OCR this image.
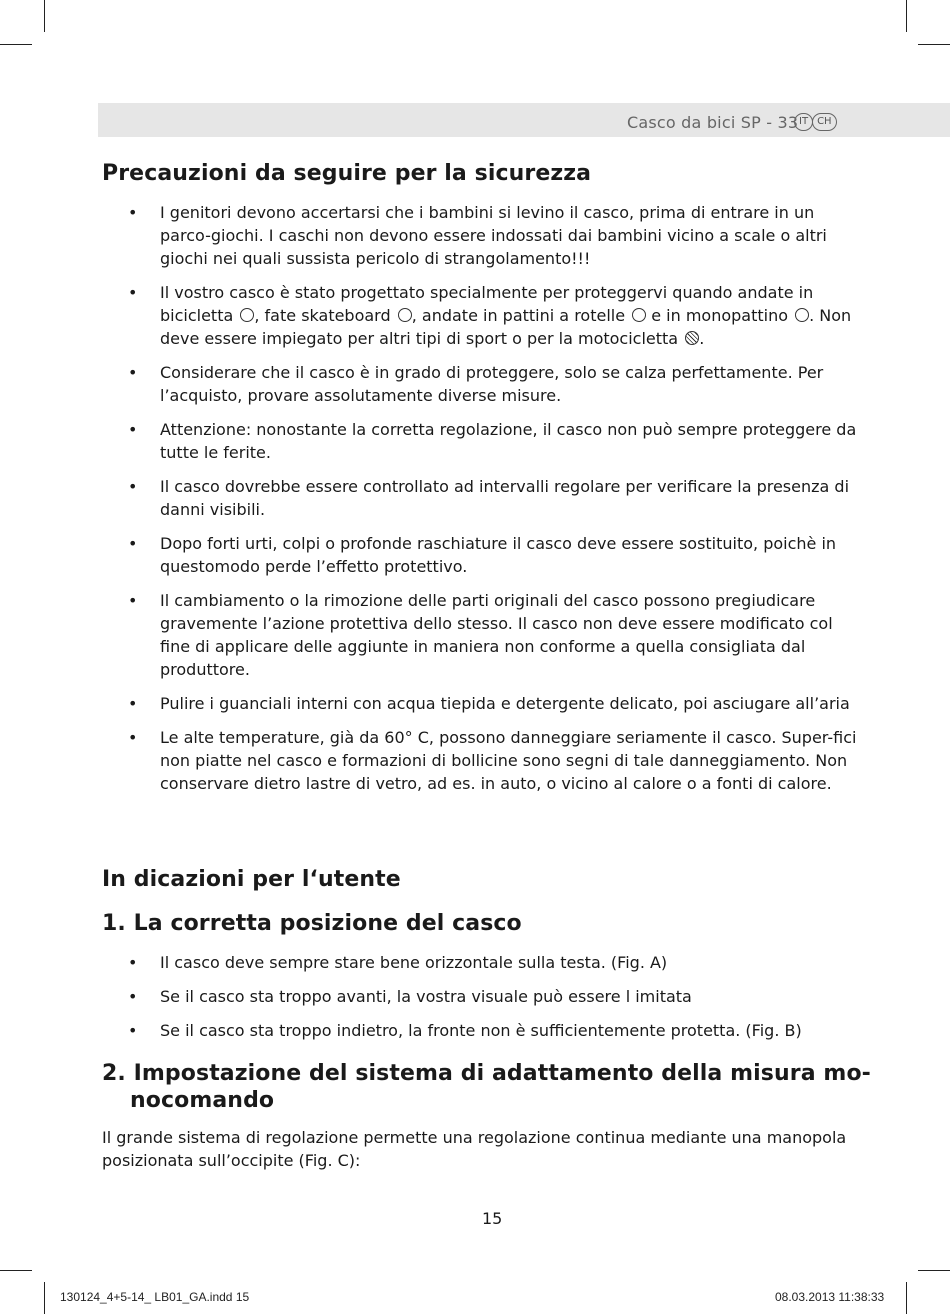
Casco da bici SP - 33 IT CH
Precauzioni da seguire per la sicurezza
• I genitori devono accertarsi che i bambini si levino il casco, prima di entrare in un parco-giochi. I caschi non devono essere indossati dai bambini vicino a scale o altri giochi nei quali sussista pericolo di strangolamento!!!
• Il vostro casco è stato progettato specialmente per proteggervi quando andate in bicicletta , fate skateboard , andate in pattini a rotelle  e in monopattino . Non deve essere impiegato per altri tipi di sport o per la motocicletta .
• Considerare che il casco è in grado di proteggere, solo se calza perfettamente. Per l’acquisto, provare assolutamente diverse misure.
• Attenzione: nonostante la corretta regolazione, il casco non può sempre proteggere da tutte le ferite.
• Il casco dovrebbe essere controllato ad intervalli regolare per verificare la presenza di danni visibili.
• Dopo forti urti, colpi o profonde raschiature il casco deve essere sostituito, poichè in questomodo perde l’effetto protettivo.
• Il cambiamento o la rimozione delle parti originali del casco possono pregiudicare gravemente l’azione protettiva dello stesso. Il casco non deve essere modificato col fine di applicare delle aggiunte in maniera non conforme a quella consigliata dal produttore.
• Pulire i guanciali interni con acqua tiepida e detergente delicato, poi asciugare all’aria
• Le alte temperature, già da 60° C, possono danneggiare seriamente il casco. Super-fici non piatte nel casco e formazioni di bollicine sono segni di tale danneggiamento. Non conservare dietro lastre di vetro, ad es. in auto, o vicino al calore o a fonti di calore.
In dicazioni per l‘utente
1. La corretta posizione del casco
• Il casco deve sempre stare bene orizzontale sulla testa. (Fig. A)
• Se il casco sta troppo avanti, la vostra visuale può essere l imitata
• Se il casco sta troppo indietro, la fronte non è sufficientemente protetta. (Fig. B)
2. Impostazione del sistema di adattamento della misura mo-
nocomando

Il grande sistema di regolazione permette una regolazione continua mediante una manopola posizionata sull’occipite (Fig. C):

15
130124_4+5-14_ LB01_GA.indd 15	08.03.2013 11:38:33
